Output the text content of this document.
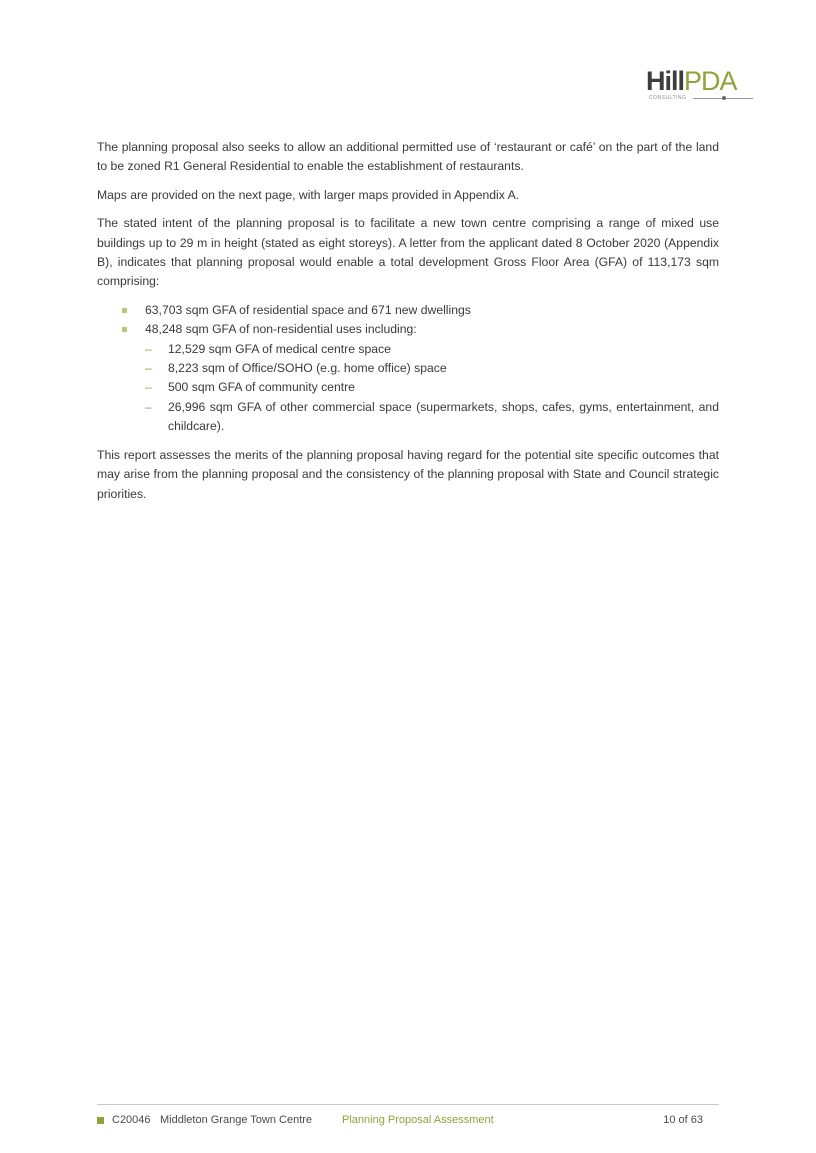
HillPDA
CONSULTING

The planning proposal also seeks to allow an additional permitted use of ‘restaurant or café’ on the part of the land to be zoned R1 General Residential to enable the establishment of restaurants.

Maps are provided on the next page, with larger maps provided in Appendix A.

The stated intent of the planning proposal is to facilitate a new town centre comprising a range of mixed use buildings up to 29 m in height (stated as eight storeys). A letter from the applicant dated 8 October 2020 (Appendix B), indicates that planning proposal would enable a total development Gross Floor Area (GFA) of 113,173 sqm comprising:

63,703 sqm GFA of residential space and 671 new dwellings
48,248 sqm GFA of non-residential uses including:
– 12,529 sqm GFA of medical centre space
– 8,223 sqm of Office/SOHO (e.g. home office) space
– 500 sqm GFA of community centre
– 26,996 sqm GFA of other commercial space (supermarkets, shops, cafes, gyms, entertainment, and childcare).

This report assesses the merits of the planning proposal having regard for the potential site specific outcomes that may arise from the planning proposal and the consistency of the planning proposal with State and Council strategic priorities.

C20046 Middleton Grange Town Centre	Planning Proposal Assessment	10 of 63
